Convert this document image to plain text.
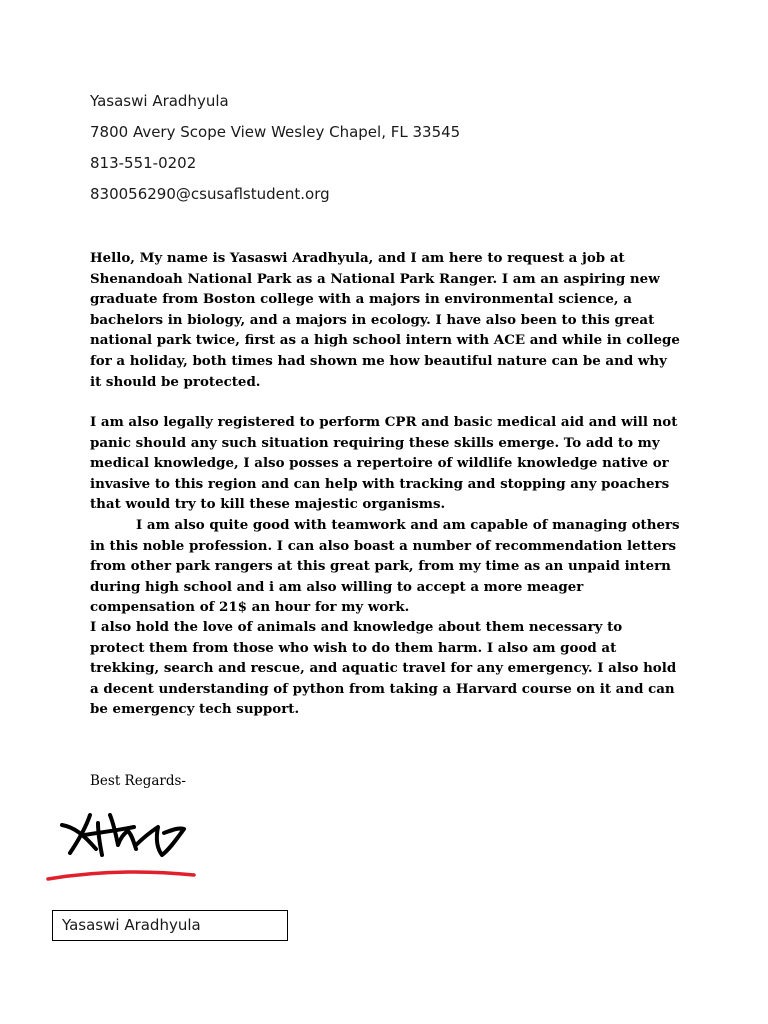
Yasaswi Aradhyula
7800 Avery Scope View Wesley Chapel, FL 33545
813-551-0202
830056290@csusaflstudent.org

Hello, My name is Yasaswi Aradhyula, and I am here to request a job at Shenandoah National Park as a National Park Ranger. I am an aspiring new graduate from Boston college with a majors in environmental science, a bachelors in biology, and a majors in ecology. I have also been to this great national park twice, first as a high school intern with ACE and while in college for a holiday, both times had shown me how beautiful nature can be and why it should be protected.

I am also legally registered to perform CPR and basic medical aid and will not panic should any such situation requiring these skills emerge. To add to my medical knowledge, I also posses a repertoire of wildlife knowledge native or invasive to this region and can help with tracking and stopping any poachers that would try to kill these majestic organisms.
I am also quite good with teamwork and am capable of managing others in this noble profession. I can also boast a number of recommendation letters from other park rangers at this great park, from my time as an unpaid intern during high school and i am also willing to accept a more meager compensation of 21$ an hour for my work.

I also hold the love of animals and knowledge about them necessary to protect them from those who wish to do them harm. I also am good at trekking, search and rescue, and aquatic travel for any emergency. I also hold a decent understanding of python from taking a Harvard course on it and can be emergency tech support.

Best Regards-
Yasaswi Aradhyula
